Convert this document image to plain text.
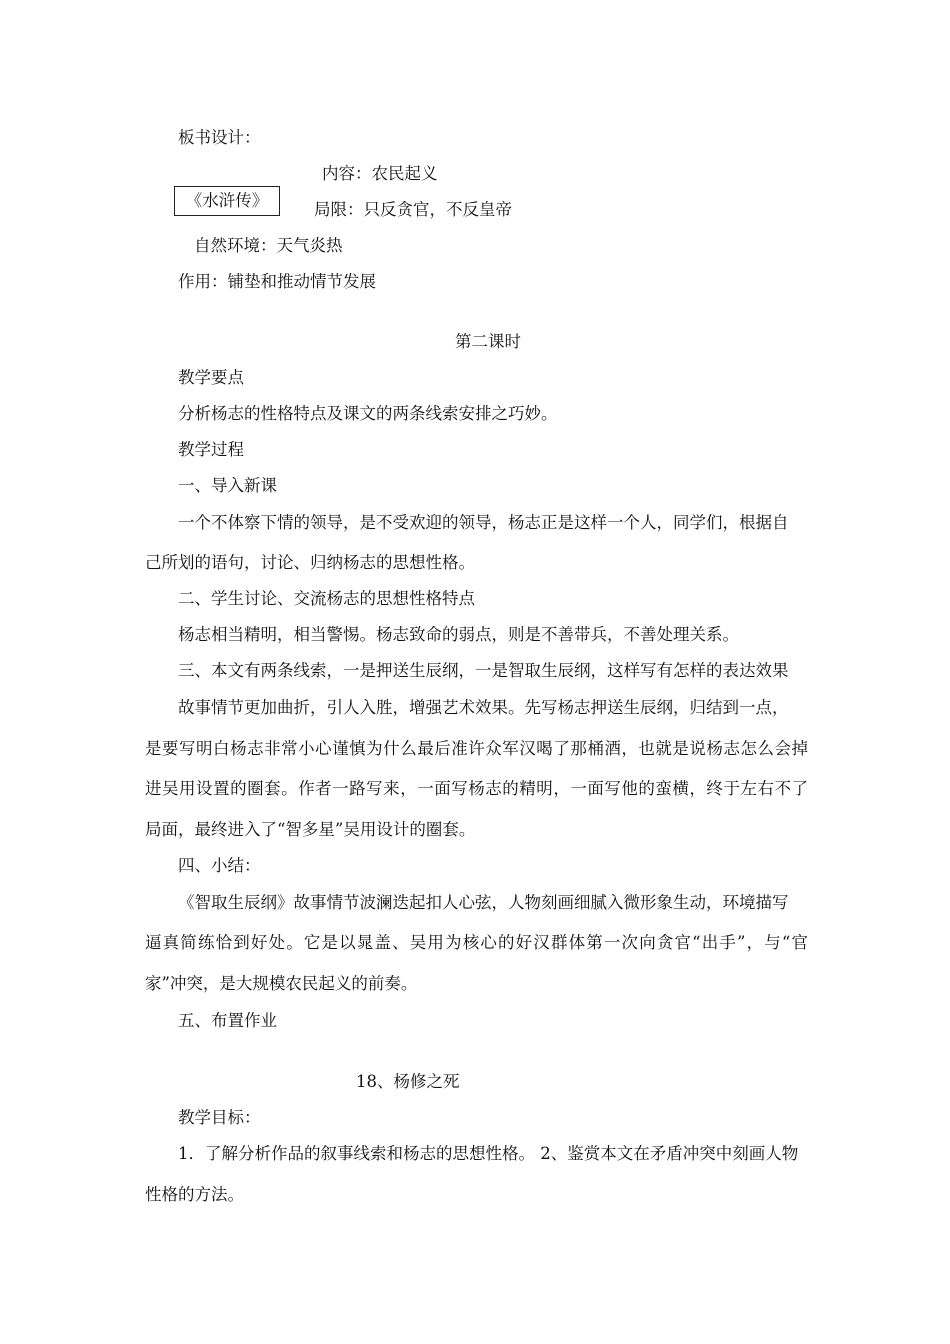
板书设计：
内容：农民起义
《水浒传》	局限：只反贪官，不反皇帝
自然环境：天气炎热
作用：铺垫和推动情节发展
第二课时
教学要点
分析杨志的性格特点及课文的两条线索安排之巧妙。
教学过程
一、导入新课
一个不体察下情的领导，是不受欢迎的领导，杨志正是这样一个人，同学们，根据自
己所划的语句，讨论、归纳杨志的思想性格。
二、学生讨论、交流杨志的思想性格特点
杨志相当精明，相当警惕。杨志致命的弱点，则是不善带兵，不善处理关系。
三、本文有两条线索，一是押送生辰纲，一是智取生辰纲，这样写有怎样的表达效果
故事情节更加曲折，引人入胜，增强艺术效果。先写杨志押送生辰纲，归结到一点，
是要写明白杨志非常小心谨慎为什么最后准许众军汉喝了那桶酒，也就是说杨志怎么会掉
进吴用设置的圈套。作者一路写来，一面写杨志的精明，一面写他的蛮横，终于左右不了
局面，最终进入了“智多星”吴用设计的圈套。
四、小结：
《智取生辰纲》故事情节波澜迭起扣人心弦，人物刻画细腻入微形象生动，环境描写
逼真简练恰到好处。它是以晁盖、吴用为核心的好汉群体第一次向贪官“出手”，与“官
家”冲突，是大规模农民起义的前奏。
五、布置作业
18、杨修之死
教学目标：
1．了解分析作品的叙事线索和杨志的思想性格。 2、鉴赏本文在矛盾冲突中刻画人物
性格的方法。
